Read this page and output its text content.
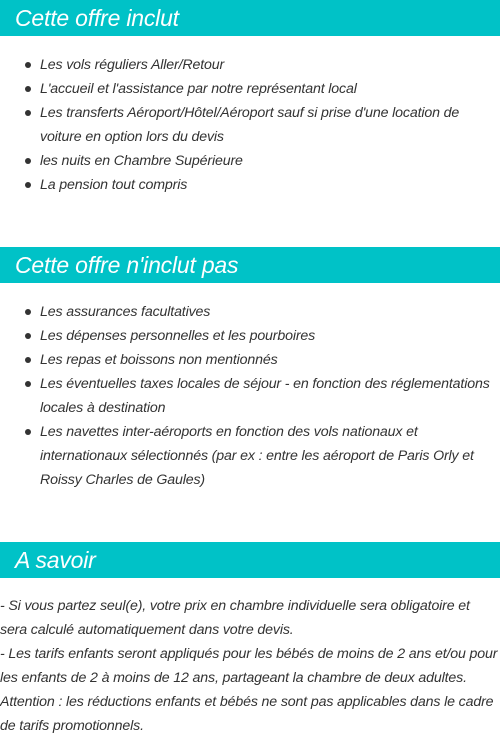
Cette offre inclut
Les vols réguliers Aller/Retour
L'accueil et l'assistance par notre représentant local
Les transferts Aéroport/Hôtel/Aéroport sauf si prise d'une location de voiture en option lors du devis
les nuits en Chambre Supérieure
La pension tout compris
Cette offre n'inclut pas
Les assurances facultatives
Les dépenses personnelles et les pourboires
Les repas et boissons non mentionnés
Les éventuelles taxes locales de séjour - en fonction des réglementations locales à destination
Les navettes inter-aéroports en fonction des vols nationaux et internationaux sélectionnés (par ex : entre les aéroport de Paris Orly et Roissy Charles de Gaules)
A savoir
- Si vous partez seul(e), votre prix en chambre individuelle sera obligatoire et sera calculé automatiquement dans votre devis.
- Les tarifs enfants seront appliqués pour les bébés de moins de 2 ans et/ou pour les enfants de 2 à moins de 12 ans, partageant la chambre de deux adultes.
Attention : les réductions enfants et bébés ne sont pas applicables dans le cadre de tarifs promotionnels.
